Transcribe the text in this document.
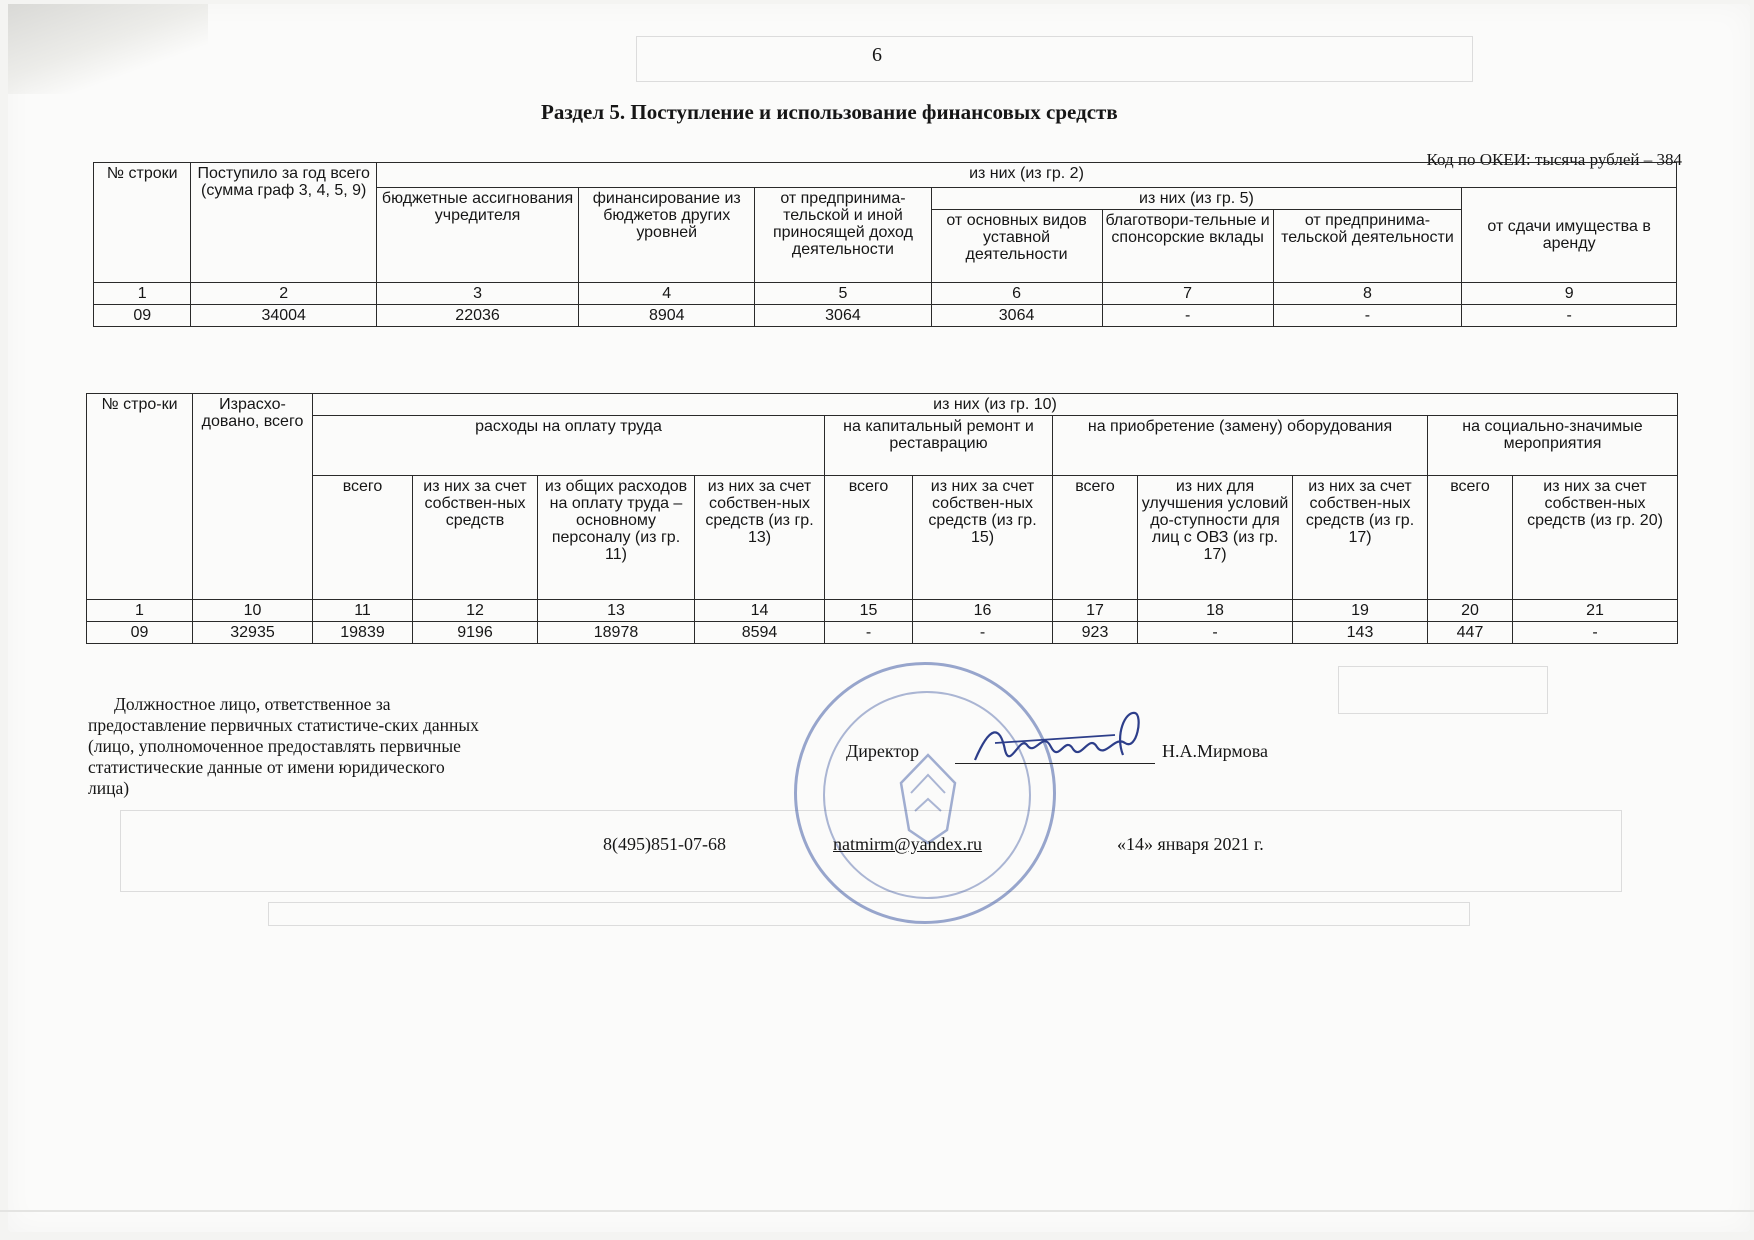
6
Раздел 5. Поступление и использование финансовых средств
Код по ОКЕИ: тысяча рублей – 384
№ строки	Поступило за год всего (сумма граф 3, 4, 5, 9)	из них (из гр. 2)						
		бюджетные ассигнования учредителя	финансирование из бюджетов других уровней	от предпринима-тельской и иной приносящей доход деятельности	из них (из гр. 5)			от сдачи имущества в аренду
					от основных видов уставной деятельности	благотвори-тельные и спонсорские вклады	от предпринима-тельской деятельности	
1	2	3	4	5	6	7	8	9
09	34004	22036	8904	3064	3064	-	-	-
№ стро-ки	Израсхо-довано, всего	из них (из гр. 10)										
		расходы на оплату труда				на капитальный ремонт и реставрацию		на приобретение (замену) оборудования			на социально-значимые мероприятия	
		всего	из них за счет собствен-ных средств	из общих расходов на оплату труда – основному персоналу (из гр. 11)	из них за счет собствен-ных средств (из гр. 13)	всего	из них за счет собствен-ных средств (из гр. 15)	всего	из них для улучшения условий до-ступности для лиц с ОВЗ (из гр. 17)	из них за счет собствен-ных средств (из гр. 17)	всего	из них за счет собствен-ных средств (из гр. 20)
1	10	11	12	13	14	15	16	17	18	19	20	21
09	32935	19839	9196	18978	8594	-	-	923	-	143	447	-
Должностное лицо, ответственное за предоставление первичных статистиче-ских данных (лицо, уполномоченное предоставлять первичные статистические данные от имени юридического лица)
Директор	Н.А.Мирмова
8(495)851-07-68	natmirm@yandex.ru	«14» января 2021 г.
